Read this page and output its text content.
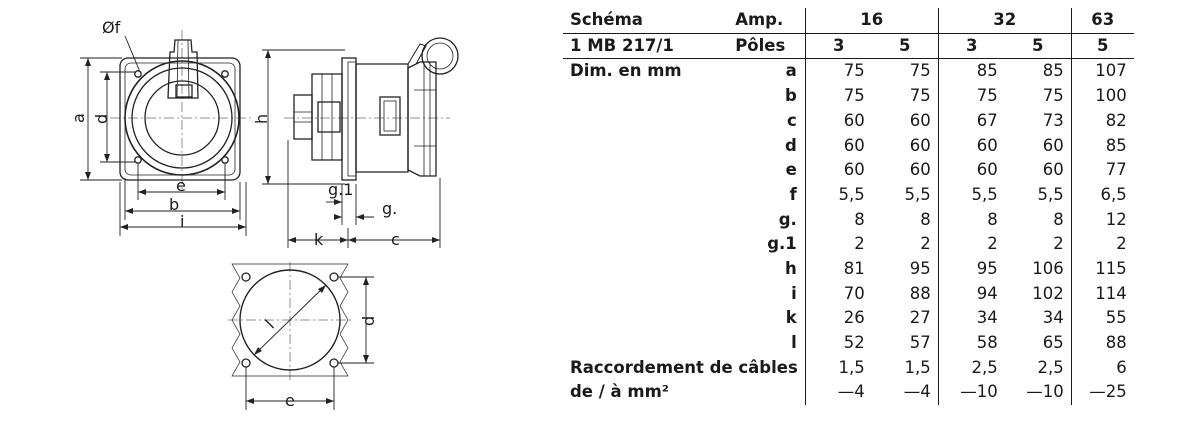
Øf
a d
e
b
i
h
g.1
g.
k	c
l	d
e
Schéma	Amp.	16		32		63
1 MB 217/1	Pôles	3	5	3	5	5
Dim. en mm	a	75	75	85	85	107
	b	75	75	75	75	100
	c	60	60	67	73	82
	d	60	60	60	60	85
	e	60	60	60	60	77
	f	5,5	5,5	5,5	5,5	6,5
	g.	8	8	8	8	12
	g.1	2	2	2	2	2
	h	81	95	95	106	115
	i	70	88	94	102	114
	k	26	27	34	34	55
	l	52	57	58	65	88
Raccordement de câbles		1,5	1,5	2,5	2,5	6
de / à mm²		—4	—4	—10	—10	—25
